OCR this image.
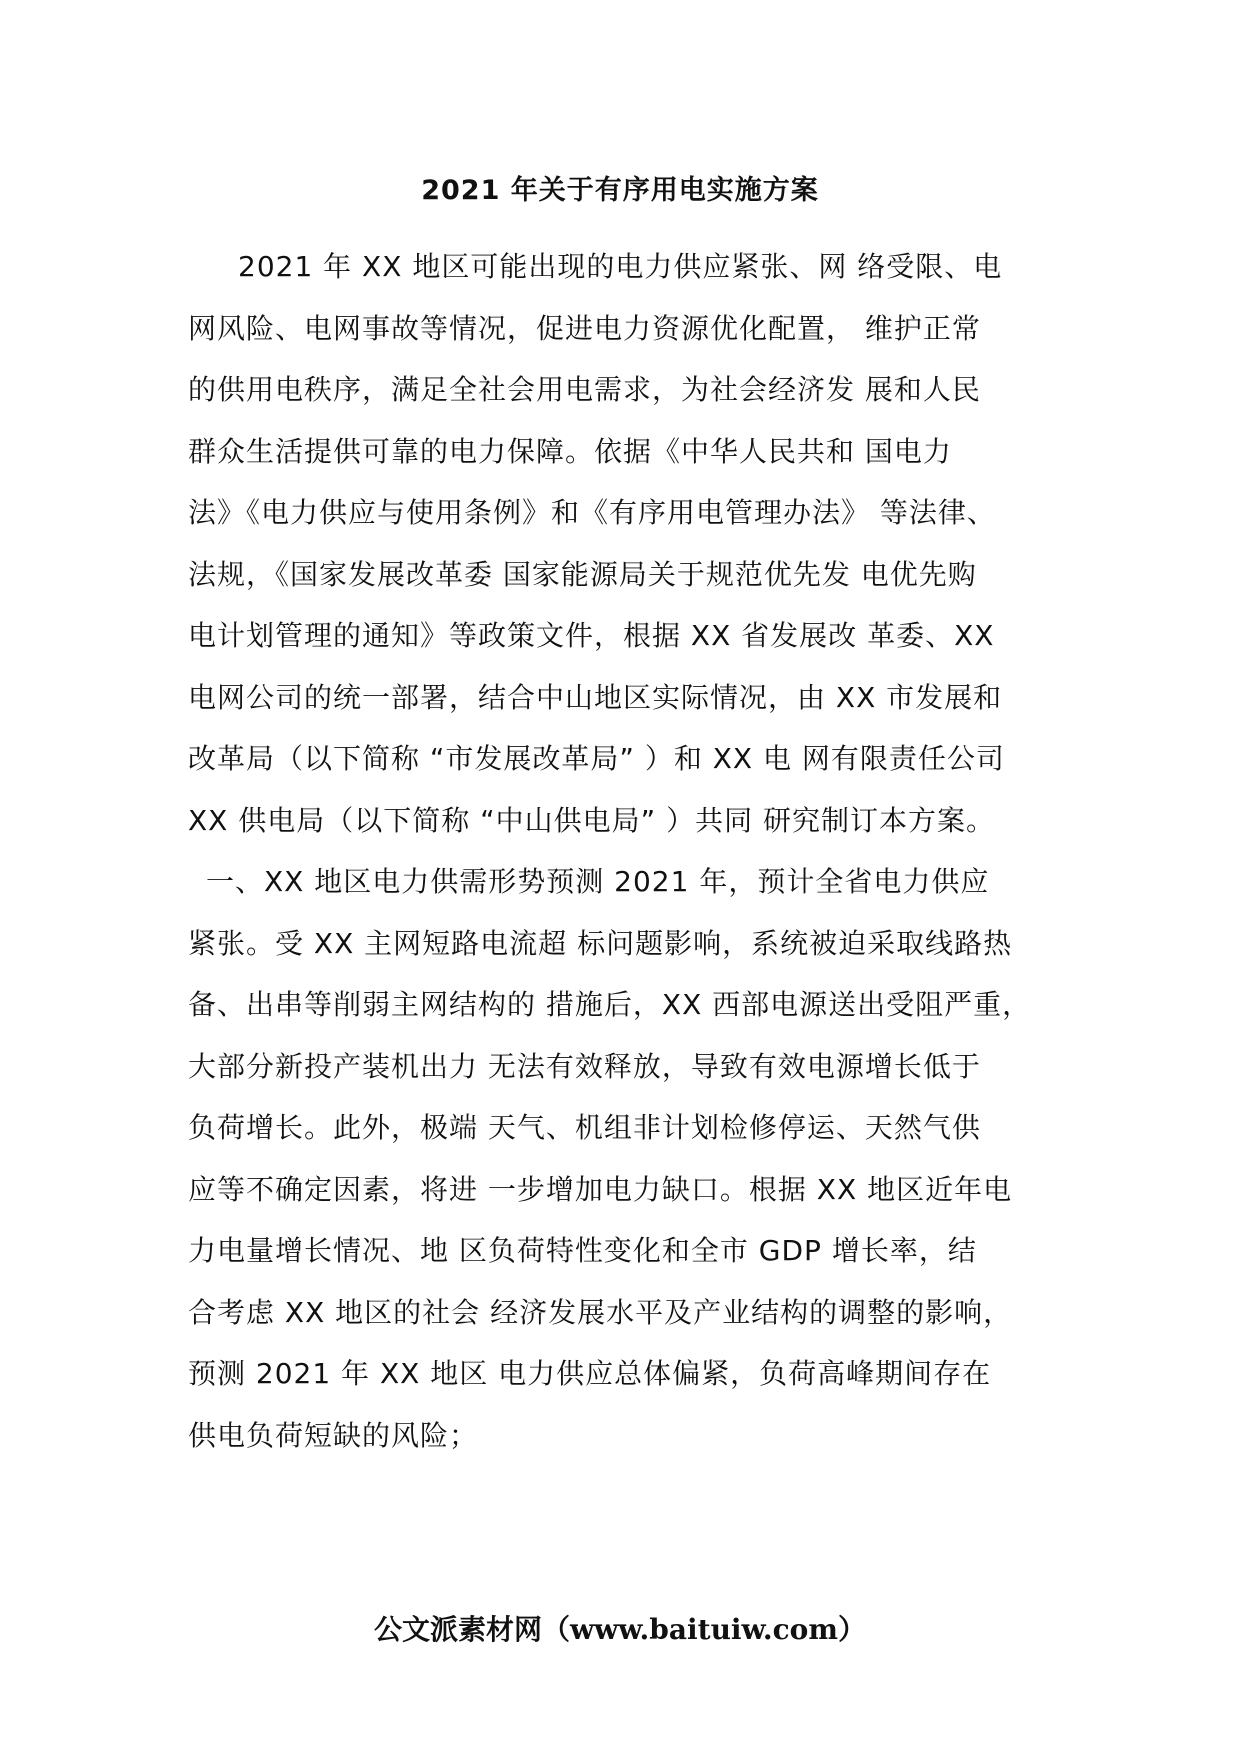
2021 年关于有序用电实施方案
2021 年 XX 地区可能出现的电力供应紧张、网 络受限、电
网风险、电网事故等情况，促进电力资源优化配置， 维护正常
的供用电秩序，满足全社会用电需求，为社会经济发 展和人民
群众生活提供可靠的电力保障。依据《中华人民共和 国电力
法》《电力供应与使用条例》和《有序用电管理办法》 等法律、
法规，《国家发展改革委 国家能源局关于规范优先发 电优先购
电计划管理的通知》等政策文件，根据 XX 省发展改 革委、XX
电网公司的统一部署，结合中山地区实际情况，由 XX 市发展和
改革局（以下简称 “市发展改革局” ）和 XX 电 网有限责任公司
XX 供电局（以下简称 “中山供电局” ）共同 研究制订本方案。
一、XX 地区电力供需形势预测 2021 年，预计全省电力供应
紧张。受 XX 主网短路电流超 标问题影响，系统被迫采取线路热
备、出串等削弱主网结构的 措施后，XX 西部电源送出受阻严重，
大部分新投产装机出力 无法有效释放，导致有效电源增长低于
负荷增长。此外，极端 天气、机组非计划检修停运、天然气供
应等不确定因素，将进 一步增加电力缺口。根据 XX 地区近年电
力电量增长情况、地 区负荷特性变化和全市 GDP 增长率，结
合考虑 XX 地区的社会 经济发展水平及产业结构的调整的影响，
预测 2021 年 XX 地区 电力供应总体偏紧，负荷高峰期间存在
供电负荷短缺的风险；
公文派素材网（www.baituiw.com）
